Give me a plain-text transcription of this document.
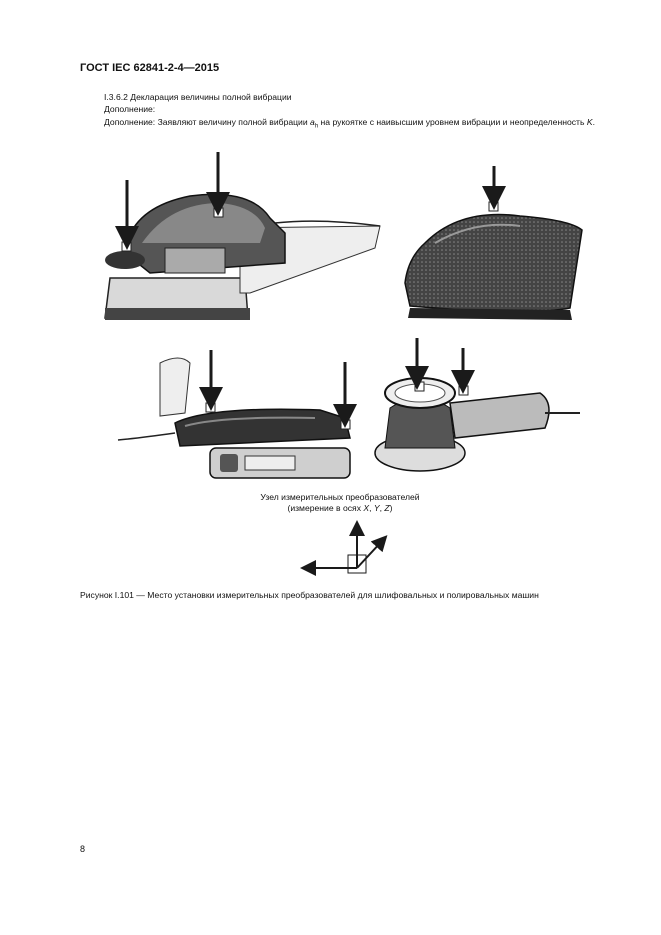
ГОСТ IEC 62841-2-4—2015
I.3.6.2 Декларация величины полной вибрации
Дополнение:
Дополнение: Заявляют величину полной вибрации $a_h$ на рукоятке с наивысшим уровнем вибрации и неопределенность K.
Узел измерительных преобразователей
(измерение в осях X, Y, Z)
Рисунок I.101 — Место установки измерительных преобразователей для шлифовальных и полировальных машин
8
